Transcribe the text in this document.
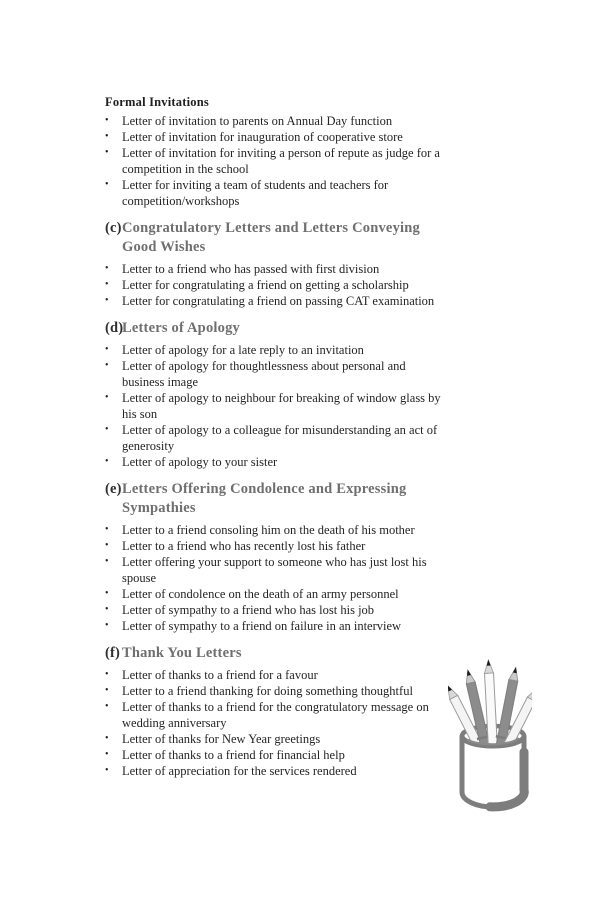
Formal Invitations
•	Letter of invitation to parents on Annual Day function
•	Letter of invitation for inauguration of cooperative store
•	Letter of invitation for inviting a person of repute as judge for a competition in the school
•	Letter for inviting a team of students and teachers for competition/workshops
(c)Congratulatory Letters and Letters Conveying Good Wishes
•	Letter to a friend who has passed with first division
•	Letter for congratulating a friend on getting a scholarship
•	Letter for congratulating a friend on passing CAT examination
(d)Letters of Apology
•	Letter of apology for a late reply to an invitation
•	Letter of apology for thoughtlessness about personal and business image
•	Letter of apology to neighbour for breaking of window glass by his son
•	Letter of apology to a colleague for misunderstanding an act of generosity
•	Letter of apology to your sister
(e)Letters Offering Condolence and Expressing Sympathies
•	Letter to a friend consoling him on the death of his mother
•	Letter to a friend who has recently lost his father
•	Letter offering your support to someone who has just lost his spouse
•	Letter of condolence on the death of an army personnel
•	Letter of sympathy to a friend who has lost his job
•	Letter of sympathy to a friend on failure in an interview
(f) Thank You Letters
•	Letter of thanks to a friend for a favour
•	Letter to a friend thanking for doing something thoughtful
•	Letter of thanks to a friend for the congratulatory message on wedding anniversary
•	Letter of thanks for New Year greetings
•	Letter of thanks to a friend for financial help
•	Letter of appreciation for the services rendered
